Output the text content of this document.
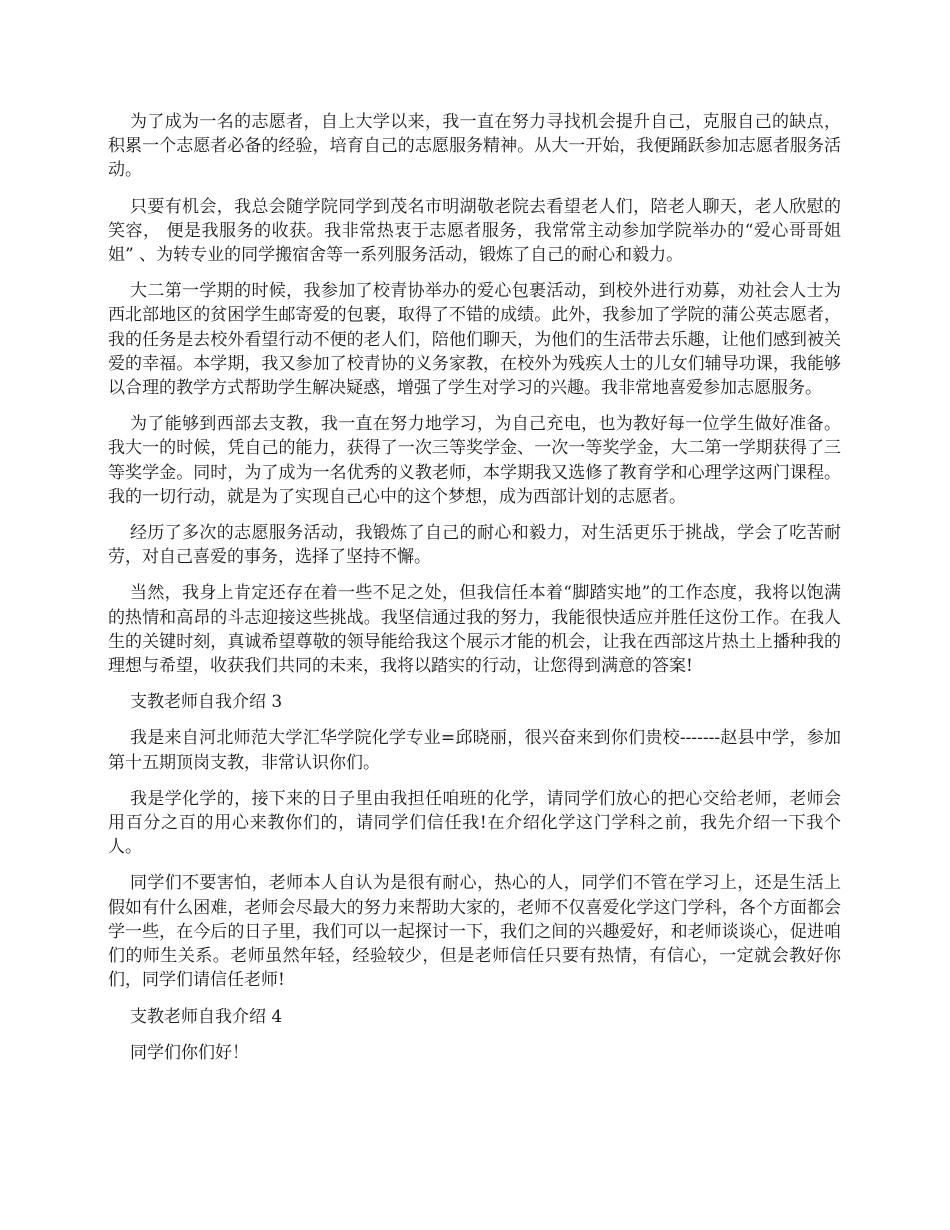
为了成为一名的志愿者，自上大学以来，我一直在努力寻找机会提升自己，克服自己的缺点，积累一个志愿者必备的经验，培育自己的志愿服务精神。从大一开始，我便踊跃参加志愿者服务活动。

只要有机会，我总会随学院同学到茂名市明湖敬老院去看望老人们，陪老人聊天，老人欣慰的笑容， 便是我服务的收获。我非常热衷于志愿者服务，我常常主动参加学院举办的“爱心哥哥姐姐” 、为转专业的同学搬宿舍等一系列服务活动，锻炼了自己的耐心和毅力。

大二第一学期的时候，我参加了校青协举办的爱心包裹活动，到校外进行劝募，劝社会人士为西北部地区的贫困学生邮寄爱的包裹，取得了不错的成绩。此外，我参加了学院的蒲公英志愿者，我的任务是去校外看望行动不便的老人们，陪他们聊天，为他们的生活带去乐趣，让他们感到被关爱的幸福。本学期，我又参加了校青协的义务家教，在校外为残疾人士的儿女们辅导功课，我能够以合理的教学方式帮助学生解决疑惑，增强了学生对学习的兴趣。我非常地喜爱参加志愿服务。

为了能够到西部去支教，我一直在努力地学习，为自己充电，也为教好每一位学生做好准备。我大一的时候，凭自己的能力，获得了一次三等奖学金、一次一等奖学金，大二第一学期获得了三等奖学金。同时，为了成为一名优秀的义教老师，本学期我又选修了教育学和心理学这两门课程。我的一切行动，就是为了实现自己心中的这个梦想，成为西部计划的志愿者。

经历了多次的志愿服务活动，我锻炼了自己的耐心和毅力，对生活更乐于挑战，学会了吃苦耐劳，对自己喜爱的事务，选择了坚持不懈。

当然，我身上肯定还存在着一些不足之处，但我信任本着“脚踏实地”的工作态度，我将以饱满的热情和高昂的斗志迎接这些挑战。我坚信通过我的努力，我能很快适应并胜任这份工作。在我人生的关键时刻，真诚希望尊敬的领导能给我这个展示才能的机会，让我在西部这片热土上播种我的理想与希望，收获我们共同的未来，我将以踏实的行动，让您得到满意的答案!

支教老师自我介绍 3

我是来自河北师范大学汇华学院化学专业=邱晓丽，很兴奋来到你们贵校-------赵县中学，参加第十五期顶岗支教，非常认识你们。

我是学化学的，接下来的日子里由我担任咱班的化学，请同学们放心的把心交给老师，老师会用百分之百的用心来教你们的，请同学们信任我!在介绍化学这门学科之前，我先介绍一下我个人。

同学们不要害怕，老师本人自认为是很有耐心，热心的人，同学们不管在学习上，还是生活上假如有什么困难，老师会尽最大的努力来帮助大家的，老师不仅喜爱化学这门学科，各个方面都会学一些，在今后的日子里，我们可以一起探讨一下，我们之间的兴趣爱好，和老师谈谈心，促进咱们的师生关系。老师虽然年轻，经验较少，但是老师信任只要有热情，有信心，一定就会教好你们，同学们请信任老师!

支教老师自我介绍 4

同学们你们好！
